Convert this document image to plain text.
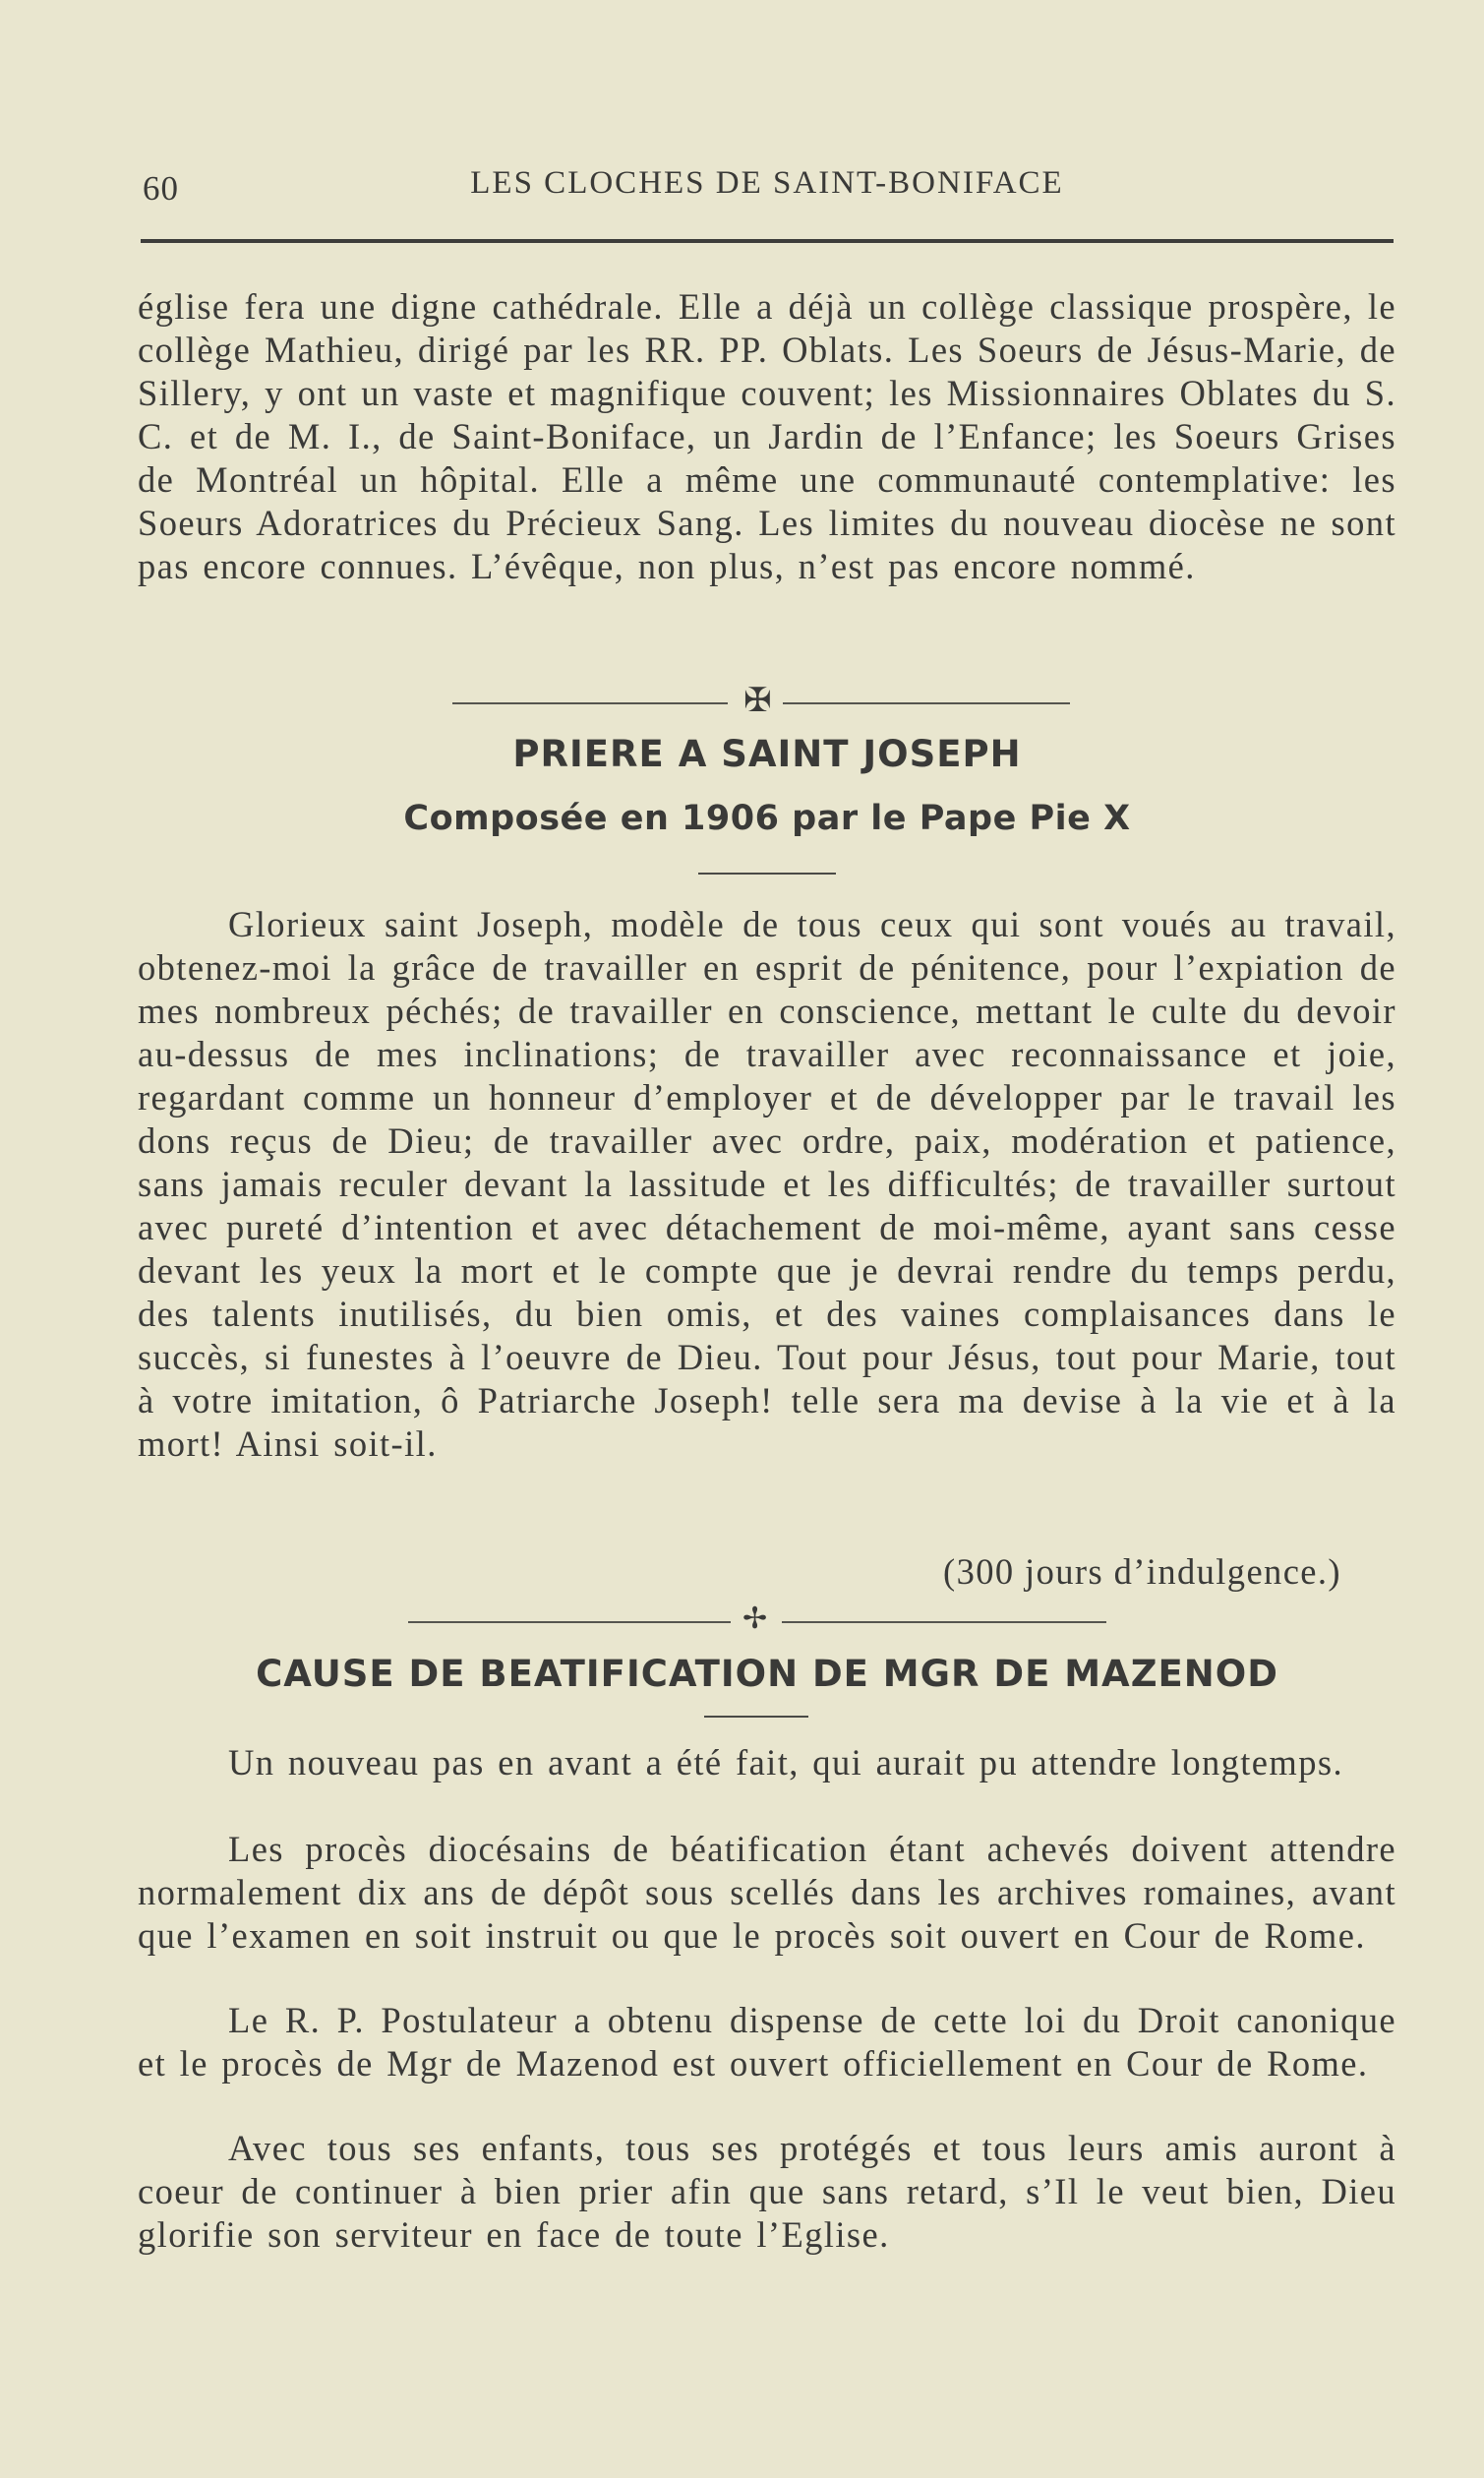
60	LES CLOCHES DE SAINT-BONIFACE

église fera une digne cathédrale. Elle a déjà un collège classique prospère, le collège Mathieu, dirigé par les RR. PP. Oblats. Les Soeurs de Jésus-Marie, de Sillery, y ont un vaste et magnifique couvent; les Missionnaires Oblates du S. C. et de M. I., de Saint-Boniface, un Jardin de l’Enfance; les Soeurs Grises de Montréal un hôpital. Elle a même une communauté contemplative: les Soeurs Adoratrices du Précieux Sang. Les limites du nouveau diocèse ne sont pas encore connues. L’évêque, non plus, n’est pas encore nommé.

✠
PRIERE A SAINT JOSEPH
Composée en 1906 par le Pape Pie X

Glorieux saint Joseph, modèle de tous ceux qui sont voués au travail, obtenez-moi la grâce de travailler en esprit de pénitence, pour l’expiation de mes nombreux péchés; de travailler en conscience, mettant le culte du devoir au-dessus de mes inclinations; de travailler avec reconnaissance et joie, regardant comme un honneur d’employer et de développer par le travail les dons reçus de Dieu; de travailler avec ordre, paix, modération et patience, sans jamais reculer devant la lassitude et les difficultés; de travailler surtout avec pureté d’intention et avec détachement de moi-même, ayant sans cesse devant les yeux la mort et le compte que je devrai rendre du temps perdu, des talents inutilisés, du bien omis, et des vaines complaisances dans le succès, si funestes à l’oeuvre de Dieu. Tout pour Jésus, tout pour Marie, tout à votre imitation, ô Patriarche Joseph! telle sera ma devise à la vie et à la mort! Ainsi soit-il.

(300 jours d’indulgence.)
✢
CAUSE DE BEATIFICATION DE MGR DE MAZENOD

Un nouveau pas en avant a été fait, qui aurait pu attendre longtemps.

Les procès diocésains de béatification étant achevés doivent attendre normalement dix ans de dépôt sous scellés dans les archives romaines, avant que l’examen en soit instruit ou que le procès soit ouvert en Cour de Rome.

Le R. P. Postulateur a obtenu dispense de cette loi du Droit canonique et le procès de Mgr de Mazenod est ouvert officiellement en Cour de Rome.

Avec tous ses enfants, tous ses protégés et tous leurs amis auront à coeur de continuer à bien prier afin que sans retard, s’Il le veut bien, Dieu glorifie son serviteur en face de toute l’Eglise.
